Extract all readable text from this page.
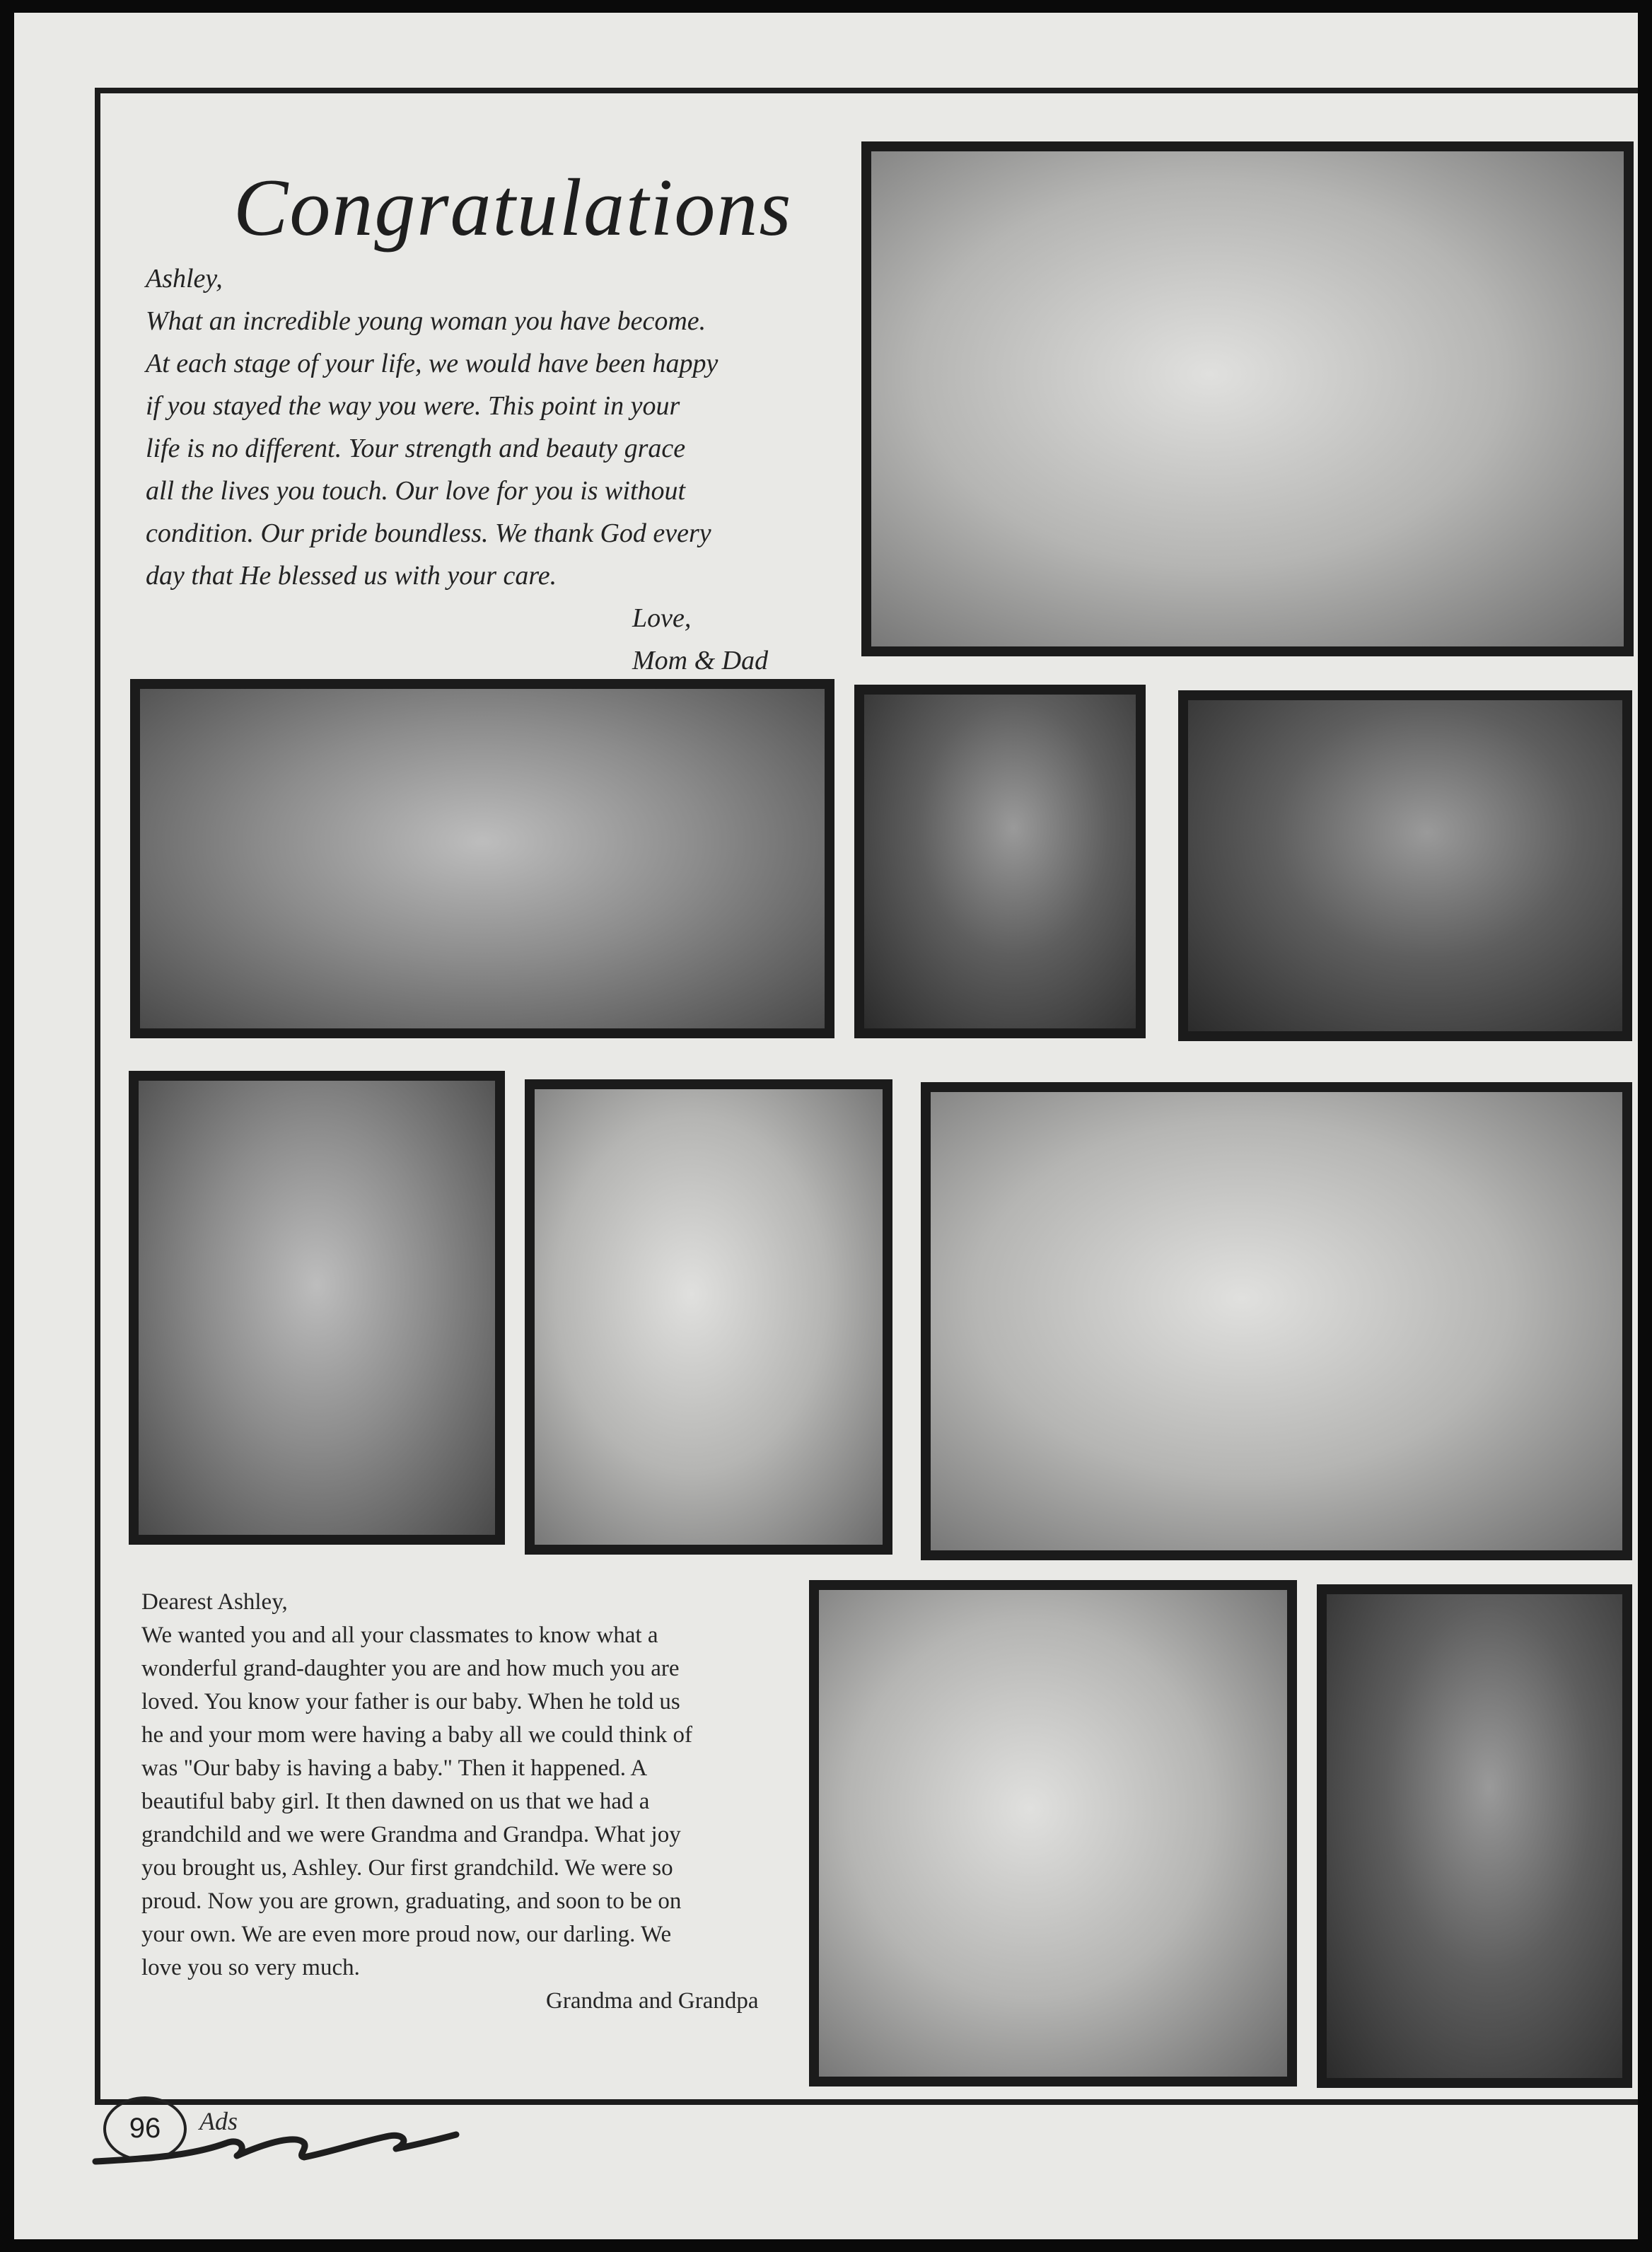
Congratulations

Ashley,

What an incredible young woman you have become.

At each stage of your life, we would have been happy

if you stayed the way you were. This point in your

life is no different. Your strength and beauty grace

all the lives you touch. Our love for you is without

condition. Our pride boundless. We thank God every

day that He blessed us with your care.

Love,

Mom & Dad

Dearest Ashley,

We wanted you and all your classmates to know what a

wonderful grand-daughter you are and how much you are

loved. You know your father is our baby. When he told us

he and your mom were having a baby all we could think of

was "Our baby is having a baby." Then it happened. A

beautiful baby girl. It then dawned on us that we had a

grandchild and we were Grandma and Grandpa. What joy

you brought us, Ashley. Our first grandchild. We were so

proud. Now you are grown, graduating, and soon to be on

your own. We are even more proud now, our darling. We

love you so very much.

Grandma and Grandpa

96	Ads
